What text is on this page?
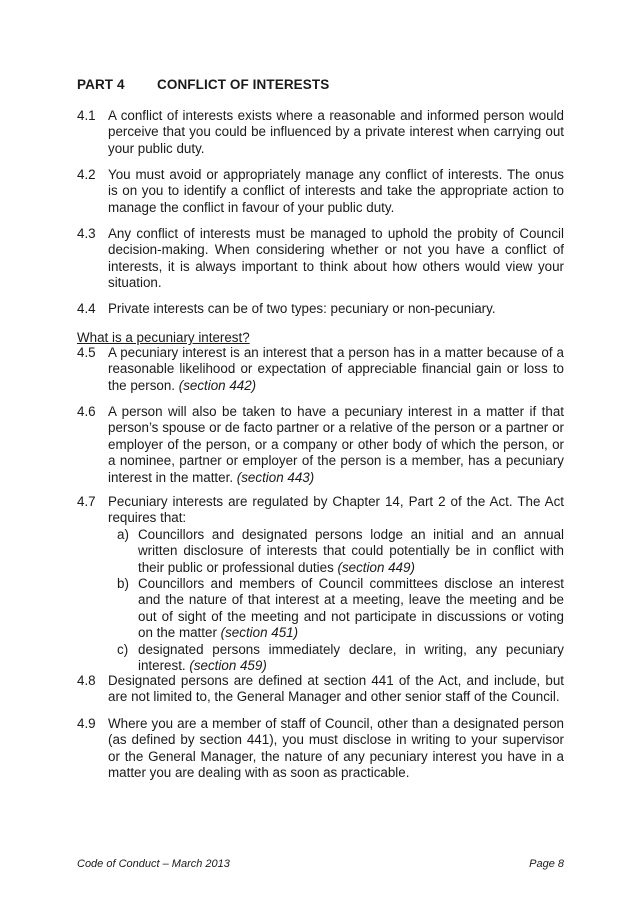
PART 4 CONFLICT OF INTERESTS
4.1 A conflict of interests exists where a reasonable and informed person would perceive that you could be influenced by a private interest when carrying out your public duty.
4.2 You must avoid or appropriately manage any conflict of interests. The onus is on you to identify a conflict of interests and take the appropriate action to manage the conflict in favour of your public duty.
4.3 Any conflict of interests must be managed to uphold the probity of Council decision-making. When considering whether or not you have a conflict of interests, it is always important to think about how others would view your situation.
4.4 Private interests can be of two types: pecuniary or non-pecuniary.
What is a pecuniary interest?
4.5 A pecuniary interest is an interest that a person has in a matter because of a reasonable likelihood or expectation of appreciable financial gain or loss to the person. (section 442)
4.6 A person will also be taken to have a pecuniary interest in a matter if that person’s spouse or de facto partner or a relative of the person or a partner or employer of the person, or a company or other body of which the person, or a nominee, partner or employer of the person is a member, has a pecuniary interest in the matter. (section 443)
4.7 Pecuniary interests are regulated by Chapter 14, Part 2 of the Act. The Act requires that:
a) Councillors and designated persons lodge an initial and an annual written disclosure of interests that could potentially be in conflict with their public or professional duties (section 449)
b) Councillors and members of Council committees disclose an interest and the nature of that interest at a meeting, leave the meeting and be out of sight of the meeting and not participate in discussions or voting on the matter (section 451)
c) designated persons immediately declare, in writing, any pecuniary interest. (section 459)
4.8 Designated persons are defined at section 441 of the Act, and include, but are not limited to, the General Manager and other senior staff of the Council.
4.9 Where you are a member of staff of Council, other than a designated person (as defined by section 441), you must disclose in writing to your supervisor or the General Manager, the nature of any pecuniary interest you have in a matter you are dealing with as soon as practicable.
Code of Conduct – March 2013	Page 8
